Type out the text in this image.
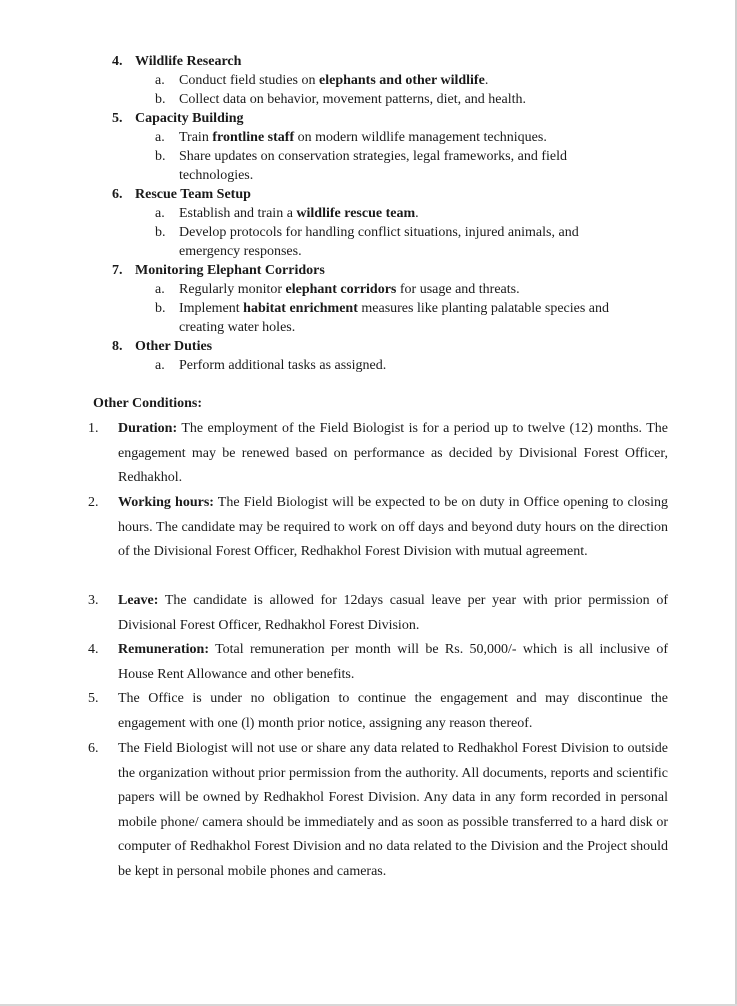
4. Wildlife Research
a. Conduct field studies on elephants and other wildlife.
b. Collect data on behavior, movement patterns, diet, and health.
5. Capacity Building
a. Train frontline staff on modern wildlife management techniques.
b. Share updates on conservation strategies, legal frameworks, and field technologies.
6. Rescue Team Setup
a. Establish and train a wildlife rescue team.
b. Develop protocols for handling conflict situations, injured animals, and emergency responses.
7. Monitoring Elephant Corridors
a. Regularly monitor elephant corridors for usage and threats.
b. Implement habitat enrichment measures like planting palatable species and creating water holes.
8. Other Duties
a. Perform additional tasks as assigned.
Other Conditions:
1. Duration: The employment of the Field Biologist is for a period up to twelve (12) months. The engagement may be renewed based on performance as decided by Divisional Forest Officer, Redhakhol.
2. Working hours: The Field Biologist will be expected to be on duty in Office opening to closing hours. The candidate may be required to work on off days and beyond duty hours on the direction of the Divisional Forest Officer, Redhakhol Forest Division with mutual agreement.
3. Leave: The candidate is allowed for 12days casual leave per year with prior permission of Divisional Forest Officer, Redhakhol Forest Division.
4. Remuneration: Total remuneration per month will be Rs. 50,000/- which is all inclusive of House Rent Allowance and other benefits.
5. The Office is under no obligation to continue the engagement and may discontinue the engagement with one (l) month prior notice, assigning any reason thereof.
6. The Field Biologist will not use or share any data related to Redhakhol Forest Division to outside the organization without prior permission from the authority. All documents, reports and scientific papers will be owned by Redhakhol Forest Division. Any data in any form recorded in personal mobile phone/ camera should be immediately and as soon as possible transferred to a hard disk or computer of Redhakhol Forest Division and no data related to the Division and the Project should be kept in personal mobile phones and cameras.
